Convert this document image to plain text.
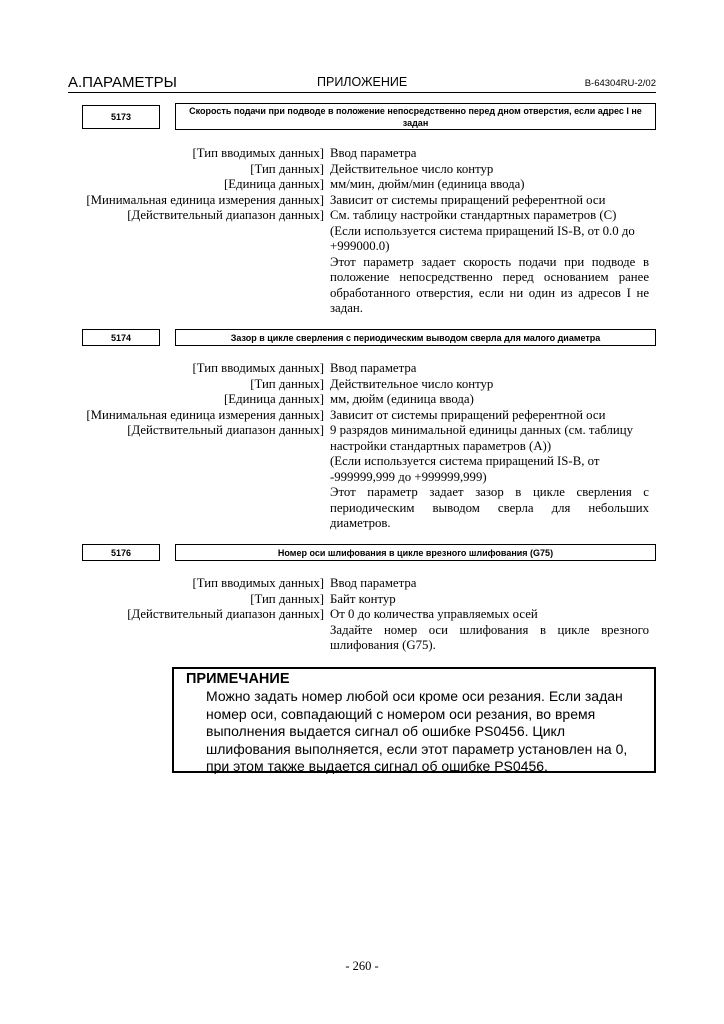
А.ПАРАМЕТРЫ	ПРИЛОЖЕНИЕ	B-64304RU-2/02
5173
Скорость подачи при подводе в положение непосредственно перед дном отверстия, если адрес I не задан
[Тип вводимых данных] Ввод параметра
[Тип данных] Действительное число контур
[Единица данных] мм/мин, дюйм/мин (единица ввода)
[Минимальная единица измерения данных] Зависит от системы приращений референтной оси
[Действительный диапазон данных] См. таблицу настройки стандартных параметров (C)
(Если используется система приращений IS-B, от 0.0 до +999000.0)
Этот параметр задает скорость подачи при подводе в положение непосредственно перед основанием ранее обработанного отверстия, если ни один из адресов I не задан.
5174	Зазор в цикле сверления с периодическим выводом сверла для малого диаметра
[Тип вводимых данных] Ввод параметра
[Тип данных] Действительное число контур
[Единица данных] мм, дюйм (единица ввода)
[Минимальная единица измерения данных] Зависит от системы приращений референтной оси
[Действительный диапазон данных] 9 разрядов минимальной единицы данных (см. таблицу настройки стандартных параметров (A))
(Если используется система приращений IS-B, от -999999,999 до +999999,999)
Этот параметр задает зазор в цикле сверления с периодическим выводом сверла для небольших диаметров.
5176	Номер оси шлифования в цикле врезного шлифования (G75)
[Тип вводимых данных] Ввод параметра
[Тип данных] Байт контур
[Действительный диапазон данных] От 0 до количества управляемых осей
Задайте номер оси шлифования в цикле врезного шлифования (G75).
ПРИМЕЧАНИЕ
Можно задать номер любой оси кроме оси резания. Если задан номер оси, совпадающий с номером оси резания, во время выполнения выдается сигнал об ошибке PS0456. Цикл шлифования выполняется, если этот параметр установлен на 0, при этом также выдается сигнал об ошибке PS0456.
- 260 -
